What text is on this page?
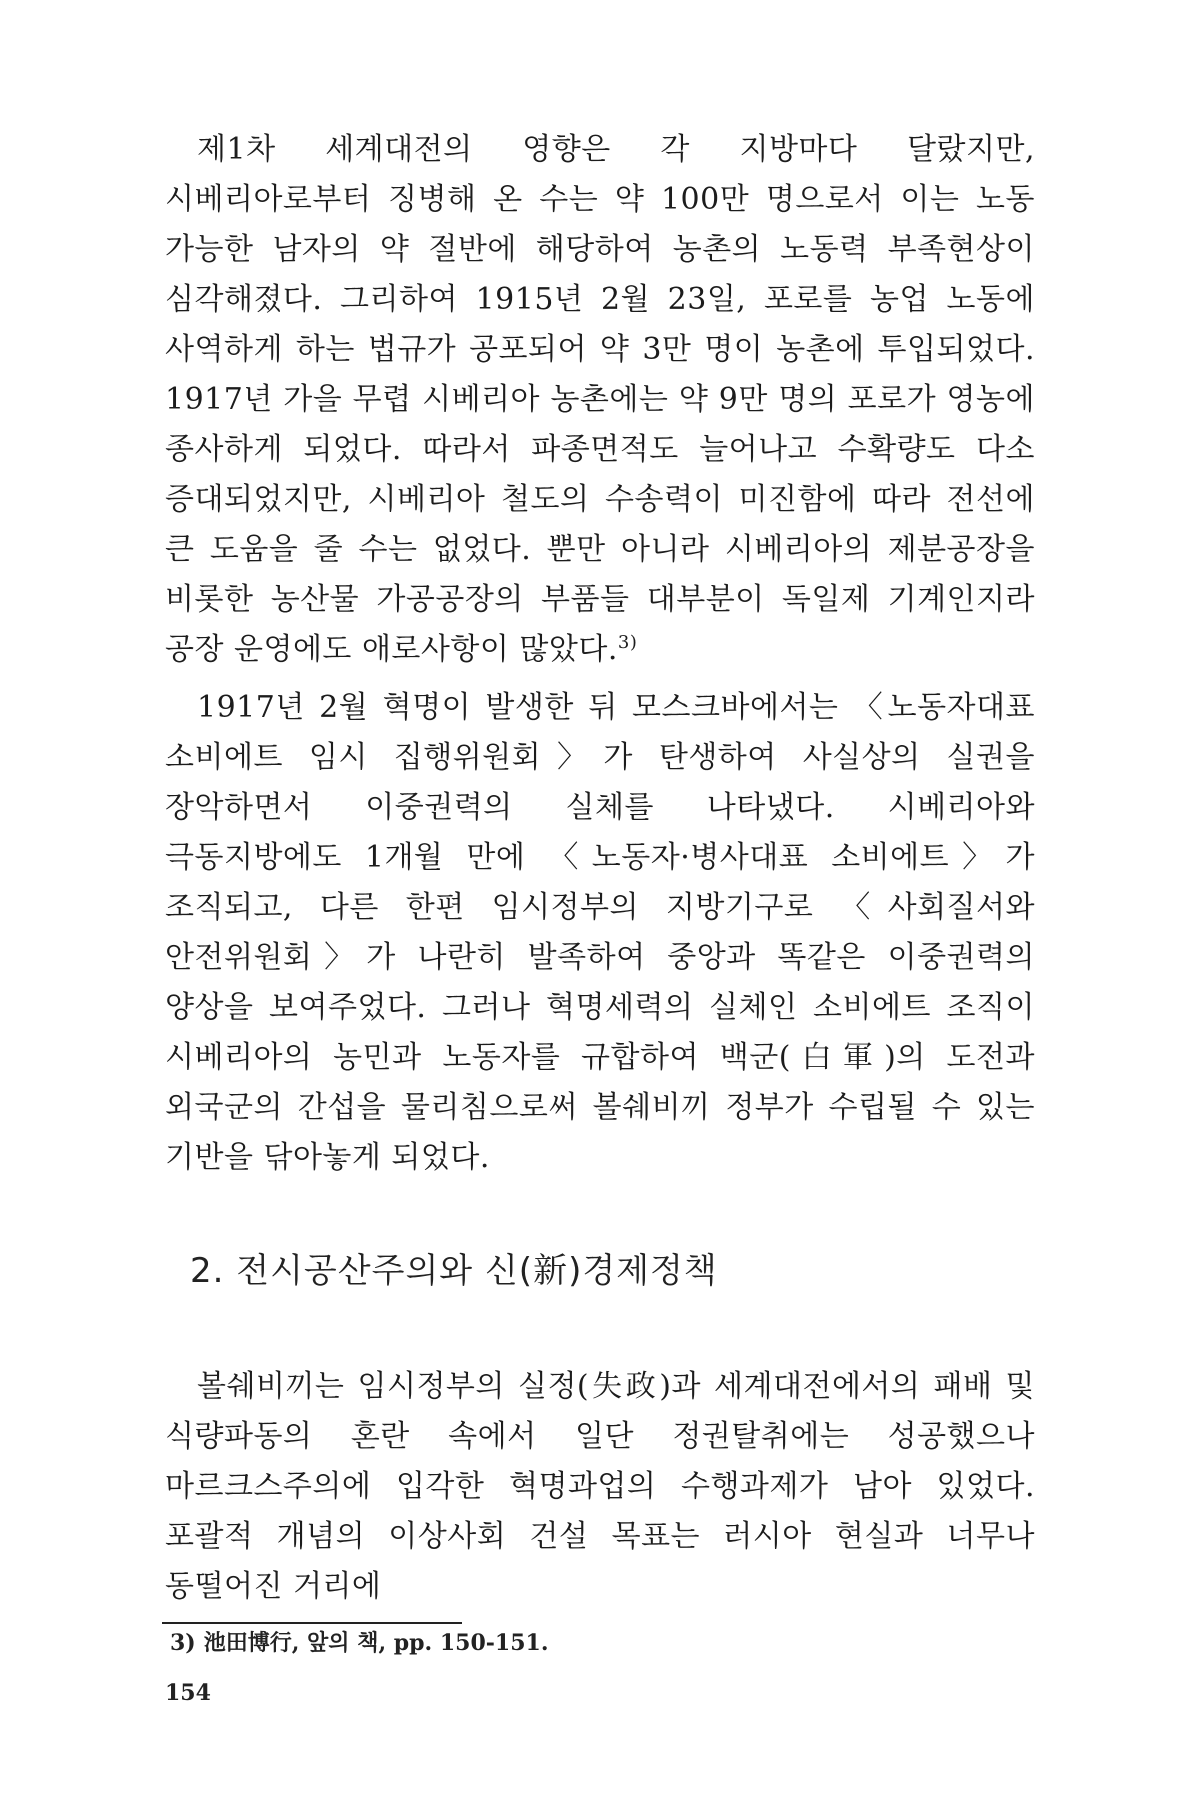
제1차 세계대전의 영향은 각 지방마다 달랐지만, 시베리아로부터 징병해 온 수는 약 100만 명으로서 이는 노동 가능한 남자의 약 절반에 해당하여 농촌의 노동력 부족현상이 심각해졌다. 그리하여 1915년 2월 23일, 포로를 농업 노동에 사역하게 하는 법규가 공포되어 약 3만 명이 농촌에 투입되었다. 1917년 가을 무렵 시베리아 농촌에는 약 9만 명의 포로가 영농에 종사하게 되었다. 따라서 파종면적도 늘어나고 수확량도 다소 증대되었지만, 시베리아 철도의 수송력이 미진함에 따라 전선에 큰 도움을 줄 수는 없었다. 뿐만 아니라 시베리아의 제분공장을 비롯한 농산물 가공공장의 부품들 대부분이 독일제 기계인지라 공장 운영에도 애로사항이 많았다.$^{3)}$

1917년 2월 혁명이 발생한 뒤 모스크바에서는 〈노동자대표 소비에트 임시 집행위원회〉가 탄생하여 사실상의 실권을 장악하면서 이중권력의 실체를 나타냈다. 시베리아와 극동지방에도 1개월 만에 〈노동자·병사대표 소비에트〉가 조직되고, 다른 한편 임시정부의 지방기구로 〈사회질서와 안전위원회〉가 나란히 발족하여 중앙과 똑같은 이중권력의 양상을 보여주었다. 그러나 혁명세력의 실체인 소비에트 조직이 시베리아의 농민과 노동자를 규합하여 백군(白軍)의 도전과 외국군의 간섭을 물리침으로써 볼쉐비끼 정부가 수립될 수 있는 기반을 닦아놓게 되었다.

2. 전시공산주의와 신(新)경제정책

볼쉐비끼는 임시정부의 실정(失政)과 세계대전에서의 패배 및 식량파동의 혼란 속에서 일단 정권탈취에는 성공했으나 마르크스주의에 입각한 혁명과업의 수행과제가 남아 있었다. 포괄적 개념의 이상사회 건설 목표는 러시아 현실과 너무나 동떨어진 거리에

3) 池田博行, 앞의 책, pp. 150-151.

154
